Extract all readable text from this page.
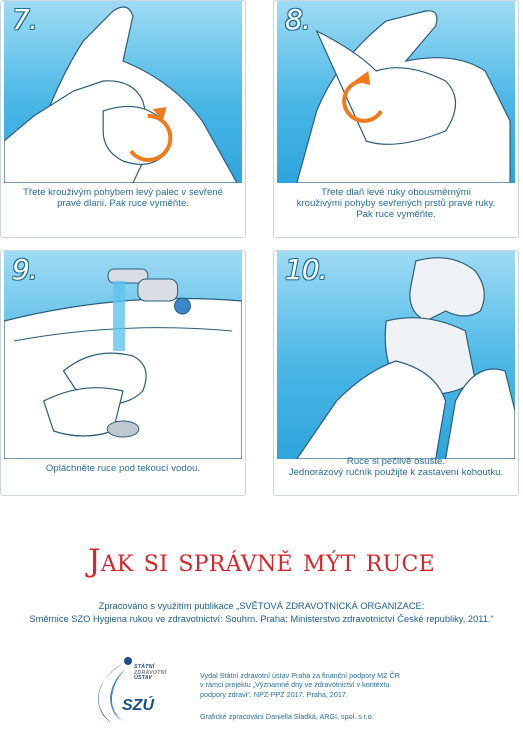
7.
Třete krouživým pohybem levý palec v sevřené
pravé dlani. Pak ruce vyměňte.
8.
Třete dlaň levé ruky obousměrnými
krouživými pohyby sevřených prstů pravé ruky.
Pak ruce vyměňte.
9.
Opláchněte ruce pod tekoucí vodou.
10.
Ruce si pečlivě osušte.
Jednorázový ručník použijte k zastavení kohoutku.
Jak si správně mýt ruce
Zpracováno s využitím publikace „SVĚTOVÁ ZDRAVOTNICKÁ ORGANIZACE:
Směrnice SZO Hygiena rukou ve zdravotnictví: Souhrn. Praha: Ministerstvo zdravotnictví České republiky, 2011.“
STÁTNÍ
ZDRAVOTNÍ
ÚSTAV
SZÚ
Vydal Státní zdravotní ústav Praha za finanční podpory MZ ČR
v rámci projektu „Významné dny ve zdravotnictví v kontextu
podpory zdraví“. NPZ-PPZ 2017. Praha, 2017.
Grafické zpracování Daniella Sladká, ARGI, spol. s r.o.
